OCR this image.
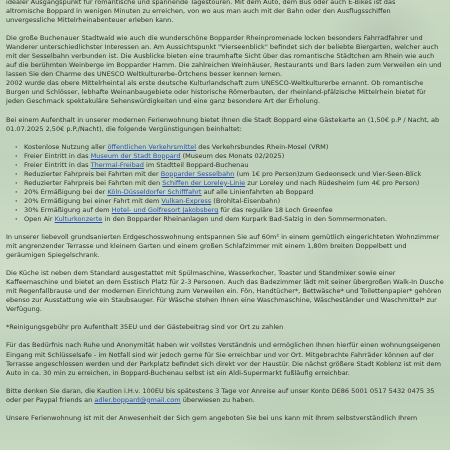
idealer Ausgangspunkt für romantische und spannende Tagestouren. Mit dem Auto, dem Bus oder auch E-Bikes ist das
altromische Boppard in wenigen Minuten zu erreichen, von wo aus man auch mit der Bahn oder den Ausflugsschiffen
unvergessliche Mittelrheinabenteuer erleben kann.

Die große Buchenauer Stadtwald wie auch die wunderschöne Bopparder Rheinpromenade locken besonders Fahrradfahrer und Wanderer unterschiedlichster Interessen an. Am Aussichtspunkt "Vierseenblick" befindet sich der beliebte Biergarten, welcher auch mit der Sesselbahn verbunden ist. Die Ausblicke bieten eine traumhafte Sicht über das romantische Städtchen am Rhein wie auch auf die berühmten Weinberge im Bopparder Hamm. Die zahlreichen Weinhäuser, Restaurants und Bars laden zum Verweilen ein und lassen Sie den Charme des UNESCO Weltkulturerbe-Örtchens besser kennen lernen.
2002 wurde das obere Mittelrheintal als erste deutsche Kulturlandschaft zum UNESCO-Weltkulturerbe ernannt. Ob romantische Burgen und Schlösser, lebhafte Weinanbaugebiete oder historische Römerbauten, der rheinland-pfälzische Mittelrhein bietet für jeden Geschmack spektakuläre Sehenswürdigkeiten und eine ganz besondere Art der Erholung.

Bei einem Aufenthalt in unserer modernen Ferienwohnung bietet Ihnen die Stadt Boppard eine Gästekarte an (1,50€ p.P / Nacht, ab 01.07.2025 2,50€ p.P./Nacht), die folgende Vergünstigungen beinhaltet:

· Kostenlose Nutzung aller öffentlichen Verkehrsmittel des Verkehrsbundes Rhein-Mosel (VRM)
· Freier Eintritt in das Museum der Stadt Boppard (Museum des Monats 02/2025)
· Freier Eintritt in das Thermal-Freibad im Stadtteil Boppard-Buchenau
· Reduzierter Fahrpreis bei Fahrten mit der Bopparder Sesselbahn (um 1€ pro Person)zum Gedeonseck und Vier-Seen-Blick
· Reduzierter Fahrpreis bei Fahrten mit den Schiffen der Loreley-Linie zur Loreley und nach Rüdesheim (um 4€ pro Person)
· 20% Ermäßigung bei der Köln-Düsseldorfer Schifffahrt auf alle Linienfahrten ab Boppard
· 20% Ermäßigung bei einer Fahrt mit dem Vulkan-Express (Brohltal-Eisenbahn)
· 30% Ermäßigung auf dem Hotel- und Golfresort Jakobsberg für das reguläre 18 Loch Greenfee
· Open Air Kulturkonzerte in den Bopparder Rheinanlagen und dem Kurpark Bad-Salzig in den Sommermonaten.

In unserer liebevoll grundsanierten Erdgeschosswohnung entspannen Sie auf 60m² in einem gemütlich eingerichteten Wohnzimmer mit angrenzender Terrasse und kleinem Garten und einem großen Schlafzimmer mit einem 1,80m breiten Doppelbett und geräumigen Spiegelschrank.

Die Küche ist neben dem Standard ausgestattet mit Spülmaschine, Wasserkocher, Toaster und Standmixer sowie einer Kaffeemaschine und bietet an dem Esstisch Platz für 2-3 Personen. Auch das Badezimmer lädt mit seiner übergroßen Walk-In Dusche mit Regenfallbrause und der modernen Einrichtung zum Verweilen ein. Fön, Handtücher*, Bettwäsche* und Toilettenpapier* gehören ebenso zur Ausstattung wie ein Staubsauger. Für Wäsche stehen Ihnen eine Waschmaschine, Wäscheständer und Waschmittel* zur Verfügung.

*Reinigungsgebühr pro Aufenthalt 35EU und der Gästebeitrag sind vor Ort zu zahlen

Für das Bedürfnis nach Ruhe und Anonymität haben wir vollstes Verständnis und ermöglichen Ihnen hierfür einen wohnungseigenen Eingang mit Schlüsselsafe - im Notfall sind wir jedoch gerne für Sie erreichbar und vor Ort. Mitgebrachte Fahrräder können auf der Terrasse angeschlossen werden und der Parkplatz befindet sich direkt vor der Haustür. Die nächst größere Stadt Koblenz ist mit dem Auto in ca. 30 min zu erreichen, in Boppard-Buchenau selbst ist ein Aldi-Supermarkt fußläufig erreichbar.

Bitte denken Sie daran, die Kaution i.H.v. 100EU bis spätestens 3 Tage vor Anreise auf unser Konto DE86 5001 0517 5432 0475 35 oder per Paypal friends an adler.boppard@gmail.com überwiesen zu haben.

Unsere Ferienwohnung ist mit der Anwesenheit der Sich gern angeboten Sie bei uns kann mit Ihrem selbstverständlich Ihrem
